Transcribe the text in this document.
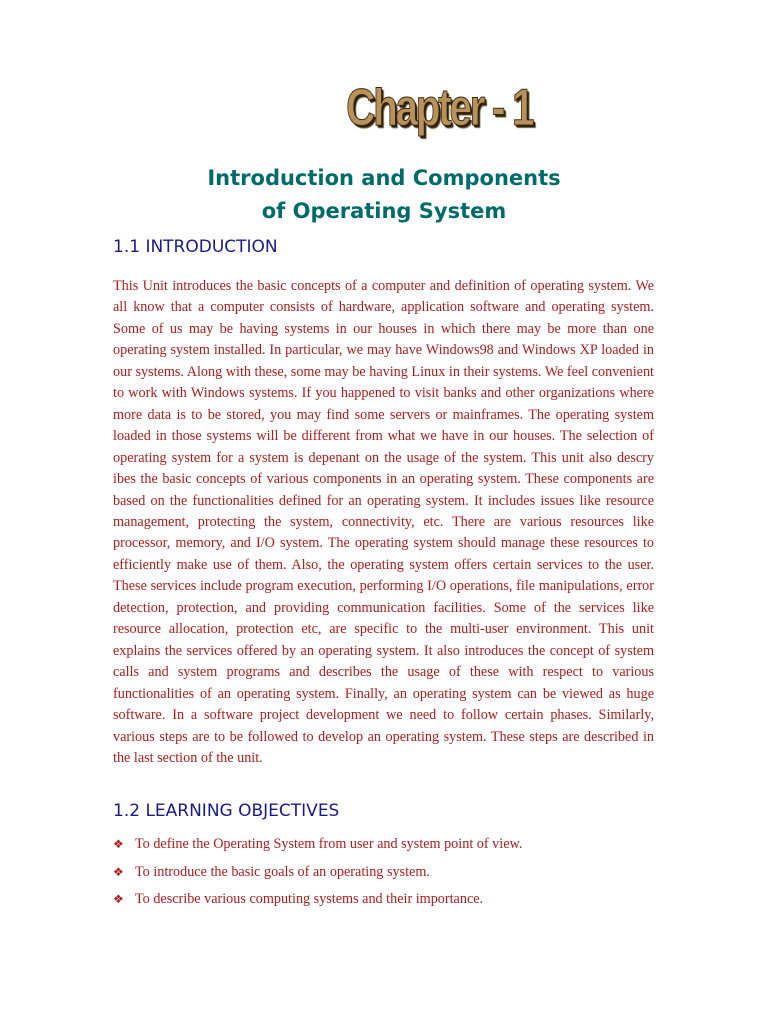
Chapter - 1
Introduction and Components
of Operating System
1.1 INTRODUCTION

This Unit introduces the basic concepts of a computer and definition of operating system. We all know that a computer consists of hardware, application software and operating system. Some of us may be having systems in our houses in which there may be more than one operating system installed. In particular, we may have Windows98 and Windows XP loaded in our systems. Along with these, some may be having Linux in their systems. We feel convenient to work with Windows systems. If you happened to visit banks and other organizations where more data is to be stored, you may find some servers or mainframes. The operating system loaded in those systems will be different from what we have in our houses. The selection of operating system for a system is depenant on the usage of the system. This unit also descry ibes the basic concepts of various components in an operating system. These components are based on the functionalities defined for an operating system. It includes issues like resource management, protecting the system, connectivity, etc. There are various resources like processor, memory, and I/O system. The operating system should manage these resources to efficiently make use of them. Also, the operating system offers certain services to the user. These services include program execution, performing I/O operations, file manipulations, error detection, protection, and providing communication facilities. Some of the services like resource allocation, protection etc, are specific to the multi-user environment. This unit explains the services offered by an operating system. It also introduces the concept of system calls and system programs and describes the usage of these with respect to various functionalities of an operating system. Finally, an operating system can be viewed as huge software. In a software project development we need to follow certain phases. Similarly, various steps are to be followed to develop an operating system. These steps are described in the last section of the unit.

1.2 LEARNING OBJECTIVES
❖ To define the Operating System from user and system point of view.
❖ To introduce the basic goals of an operating system.
❖ To describe various computing systems and their importance.
